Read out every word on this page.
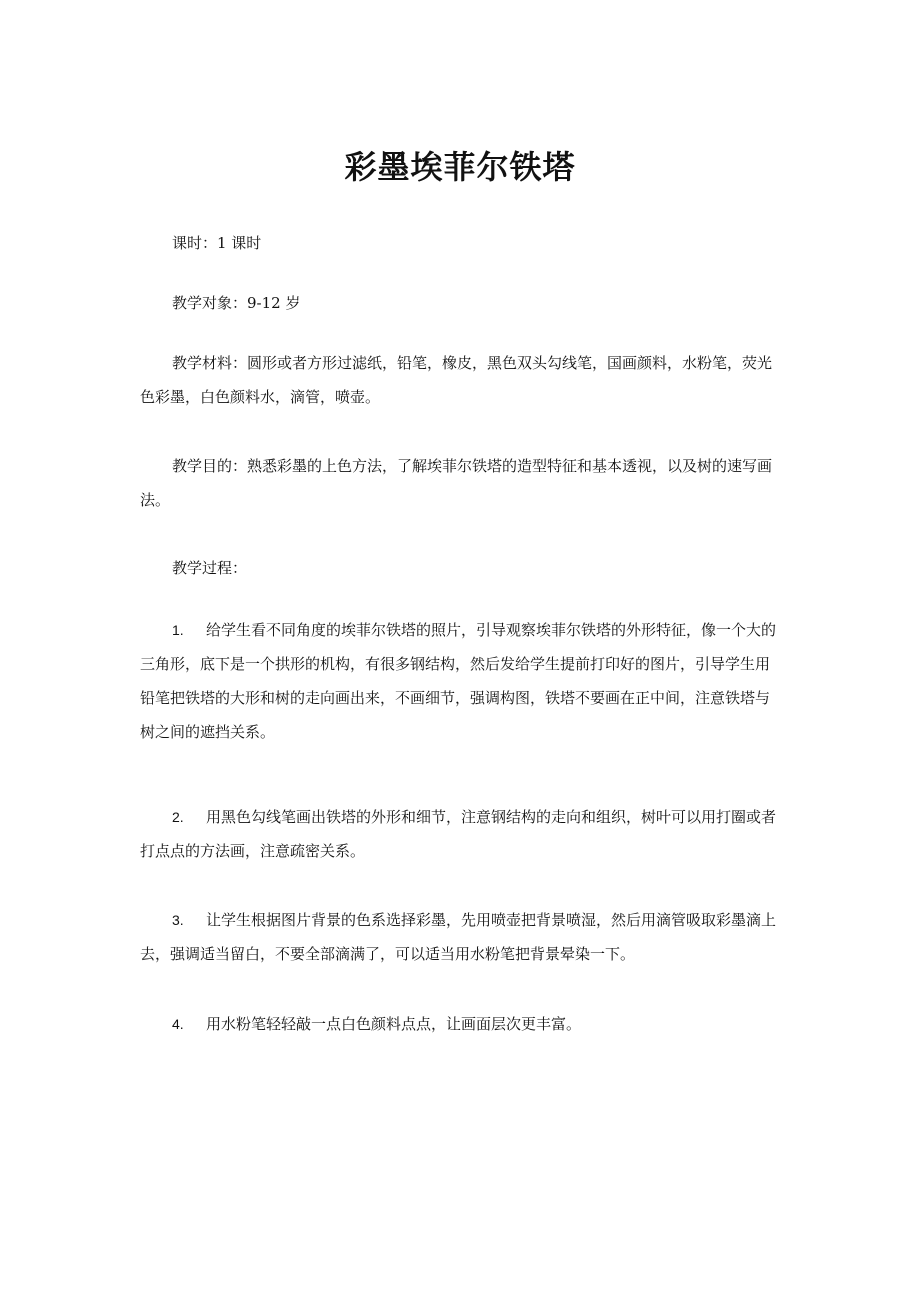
彩墨埃菲尔铁塔

课时：1 课时

教学对象：9-12 岁

教学材料：圆形或者方形过滤纸，铅笔，橡皮，黑色双头勾线笔，国画颜料，水粉笔，荧光色彩墨，白色颜料水，滴管，喷壶。

教学目的：熟悉彩墨的上色方法，了解埃菲尔铁塔的造型特征和基本透视，以及树的速写画法。

教学过程：

1. 给学生看不同角度的埃菲尔铁塔的照片，引导观察埃菲尔铁塔的外形特征，像一个大的三角形，底下是一个拱形的机构，有很多钢结构，然后发给学生提前打印好的图片，引导学生用铅笔把铁塔的大形和树的走向画出来，不画细节，强调构图，铁塔不要画在正中间，注意铁塔与树之间的遮挡关系。

2. 用黑色勾线笔画出铁塔的外形和细节，注意钢结构的走向和组织，树叶可以用打圈或者打点点的方法画，注意疏密关系。

3. 让学生根据图片背景的色系选择彩墨，先用喷壶把背景喷湿，然后用滴管吸取彩墨滴上去，强调适当留白，不要全部滴满了，可以适当用水粉笔把背景晕染一下。

4. 用水粉笔轻轻敲一点白色颜料点点，让画面层次更丰富。
